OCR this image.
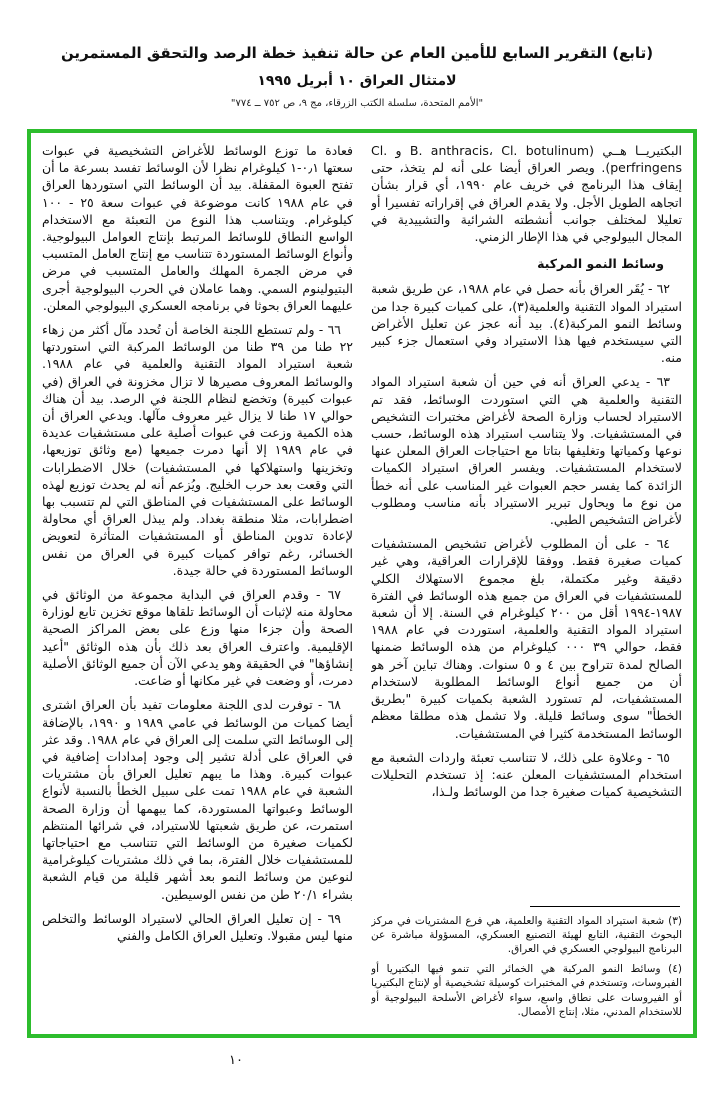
(تابع) التقرير السابع للأمين العام عن حالة تنفيذ خطة الرصد والتحقق المستمرين
لامتثال العراق ١٠ أبريل ١٩٩٥
"الأمم المتحدة، سلسلة الكتب الزرقاء، مج ٩، ص ٧٥٢ ــ ٧٧٤"

البكتيريــا هــي (B. anthracis، Cl. botulinum و Cl. perfringens). ويصر العراق أيضا على أنه لم يتخذ، حتى إيقاف هذا البرنامج في خريف عام ١٩٩٠، أي قرار بشأن اتجاهه الطويل الأجل. ولا يقدم العراق في إقراراته تفسيرا أو تعليلا لمختلف جوانب أنشطته الشرائية والتشييدية في المجال البيولوجي في هذا الإطار الزمني.

وسائط النمو المركبة

٦٢ - يُقَر العراق بأنه حصل في عام ١٩٨٨، عن طريق شعبة استيراد المواد التقنية والعلمية(٣)، على كميات كبيرة جدا من وسائط النمو المركبة(٤). بيد أنه عجز عن تعليل الأغراض التي سيستخدم فيها هذا الاستيراد وفي استعمال جزء كبير منه.

٦٣ - يدعي العراق أنه في حين أن شعبة استيراد المواد التقنية والعلمية هي التي استوردت الوسائط، فقد تم الاستيراد لحساب وزارة الصحة لأغراض مختبرات التشخيص في المستشفيات. ولا يتناسب استيراد هذه الوسائط، حسب نوعها وكمياتها وتغليفها بتاتا مع احتياجات العراق المعلن عنها لاستخدام المستشفيات. ويفسر العراق استيراد الكميات الزائدة كما يفسر حجم العبوات غير المناسب على أنه خطأ من نوع ما ويحاول تبرير الاستيراد بأنه مناسب ومطلوب لأغراض التشخيص الطبي.

٦٤ - على أن المطلوب لأغراض تشخيص المستشفيات كميات صغيرة فقط. ووفقا للإقرارات العراقية، وهي غير دقيقة وغير مكتملة، بلغ مجموع الاستهلاك الكلي للمستشفيات في العراق من جميع هذه الوسائط في الفترة ١٩٨٧-١٩٩٤ أقل من ٢٠٠ كيلوغرام في السنة. إلا أن شعبة استيراد المواد التقنية والعلمية، استوردت في عام ١٩٨٨ فقط، حوالي ٣٩ ٠٠٠ كيلوغرام من هذه الوسائط ضمنها الصالح لمدة تتراوح بين ٤ و ٥ سنوات. وهناك تباين آخر هو أن من جميع أنواع الوسائط المطلوبة لاستخدام المستشفيات، لم تستورد الشعبة بكميات كبيرة "بطريق الخطأ" سوى وسائط قليلة. ولا تشمل هذه مطلقا معظم الوسائط المستخدمة كثيرا في المستشفيات.

٦٥ - وعلاوة على ذلك، لا تتناسب تعبئة واردات الشعبة مع استخدام المستشفيات المعلن عنه: إذ تستخدم التحليلات التشخيصية كميات صغيرة جدا من الوسائط ولـذا،

(٣) شعبة استيراد المواد التقنية والعلمية، هي فرع المشتريات في مركز البحوث التقنية، التابع لهيئة التصنيع العسكري، المسؤولة مباشرة عن البرنامج البيولوجي العسكري في العراق.

(٤) وسائط النمو المركبة هي الخمائر التي تنمو فيها البكتيريا أو الفيروسات، وتستخدم في المختبرات كوسيلة تشخيصية أو لإنتاج البكتيريا أو الفيروسات على نطاق واسع، سواء لأغراض الأسلحة البيولوجية أو للاستخدام المدني، مثلا، إنتاج الأمصال.

فعادة ما توزع الوسائط للأغراض التشخيصية في عبوات سعتها ٠٫١-١ كيلوغرام نظرا لأن الوسائط تفسد بسرعة ما أن تفتح العبوة المقفلة. بيد أن الوسائط التي استوردها العراق في عام ١٩٨٨ كانت موضوعة في عبوات سعة ٢٥ - ١٠٠ كيلوغرام. ويتناسب هذا النوع من التعبئة مع الاستخدام الواسع النطاق للوسائط المرتبط بإنتاج العوامل البيولوجية. وأنواع الوسائط المستوردة تتناسب مع إنتاج العامل المتسبب في مرض الجمرة المهلك والعامل المتسبب في مرض البتيولينوم السمي. وهما عاملان في الحرب البيولوجية أجرى عليهما العراق بحوثا في برنامجه العسكري البيولوجي المعلن.

٦٦ - ولم تستطع اللجنة الخاصة أن تُحدد مآل أكثر من زهاء ٢٢ طنا من ٣٩ طنا من الوسائط المركبة التي استوردتها شعبة استيراد المواد التقنية والعلمية في عام ١٩٨٨. والوسائط المعروف مصيرها لا تزال مخزونة في العراق (في عبوات كبيرة) وتخضع لنظام اللجنة في الرصد. بيد أن هناك حوالي ١٧ طنا لا يزال غير معروف مآلها. ويدعي العراق أن هذه الكمية وزعت في عبوات أصلية على مستشفيات عديدة في عام ١٩٨٩ إلا أنها دمرت جميعها (مع وثائق توزيعها، وتخزينها واستهلاكها في المستشفيات) خلال الاضطرابات التي وقعت بعد حرب الخليج. ويُزعم أنه لم يحدث توزيع لهذه الوسائط على المستشفيات في المناطق التي لم تتسبب بها اضطرابات، مثلا منطقة بغداد. ولم يبذل العراق أي محاولة لإعادة تدوين المناطق أو المستشفيات المتأثرة لتعويض الخسائر، رغم توافر كميات كبيرة في العراق من نفس الوسائط المستوردة في حالة جيدة.

٦٧ - وقدم العراق في البداية مجموعة من الوثائق في محاولة منه لإثبات أن الوسائط تلقاها موقع تخزين تابع لوزارة الصحة وأن جزءا منها وزع على بعض المراكز الصحية الإقليمية. واعترف العراق بعد ذلك بأن هذه الوثائق "أعيد إنشاؤها" في الحقيقة وهو يدعي الآن أن جميع الوثائق الأصلية دمرت، أو وضعت في غير مكانها أو ضاعت.

٦٨ - توفرت لدى اللجنة معلومات تفيد بأن العراق اشترى أيضا كميات من الوسائط في عامي ١٩٨٩ و ١٩٩٠، بالإضافة إلى الوسائط التي سلمت إلى العراق في عام ١٩٨٨. وقد عثر في العراق على أدلة تشير إلى وجود إمدادات إضافية في عبوات كبيرة. وهذا ما يبهم تعليل العراق بأن مشتريات الشعبة في عام ١٩٨٨ تمت على سبيل الخطأ بالنسبة لأنواع الوسائط وعبواتها المستوردة، كما يبهمها أن وزارة الصحة استمرت، عن طريق شعبتها للاستيراد، في شرائها المنتظم لكميات صغيرة من الوسائط التي تتناسب مع احتياجاتها للمستشفيات خلال الفترة، بما في ذلك مشتريات كيلوغرامية لنوعين من وسائط النمو بعد أشهر قليلة من قيام الشعبة بشراء ٢٠/١ طن من نفس الوسيطين.

٦٩ - إن تعليل العراق الحالي لاستيراد الوسائط والتخلص منها ليس مقبولا. وتعليل العراق الكامل والفني

١٠
